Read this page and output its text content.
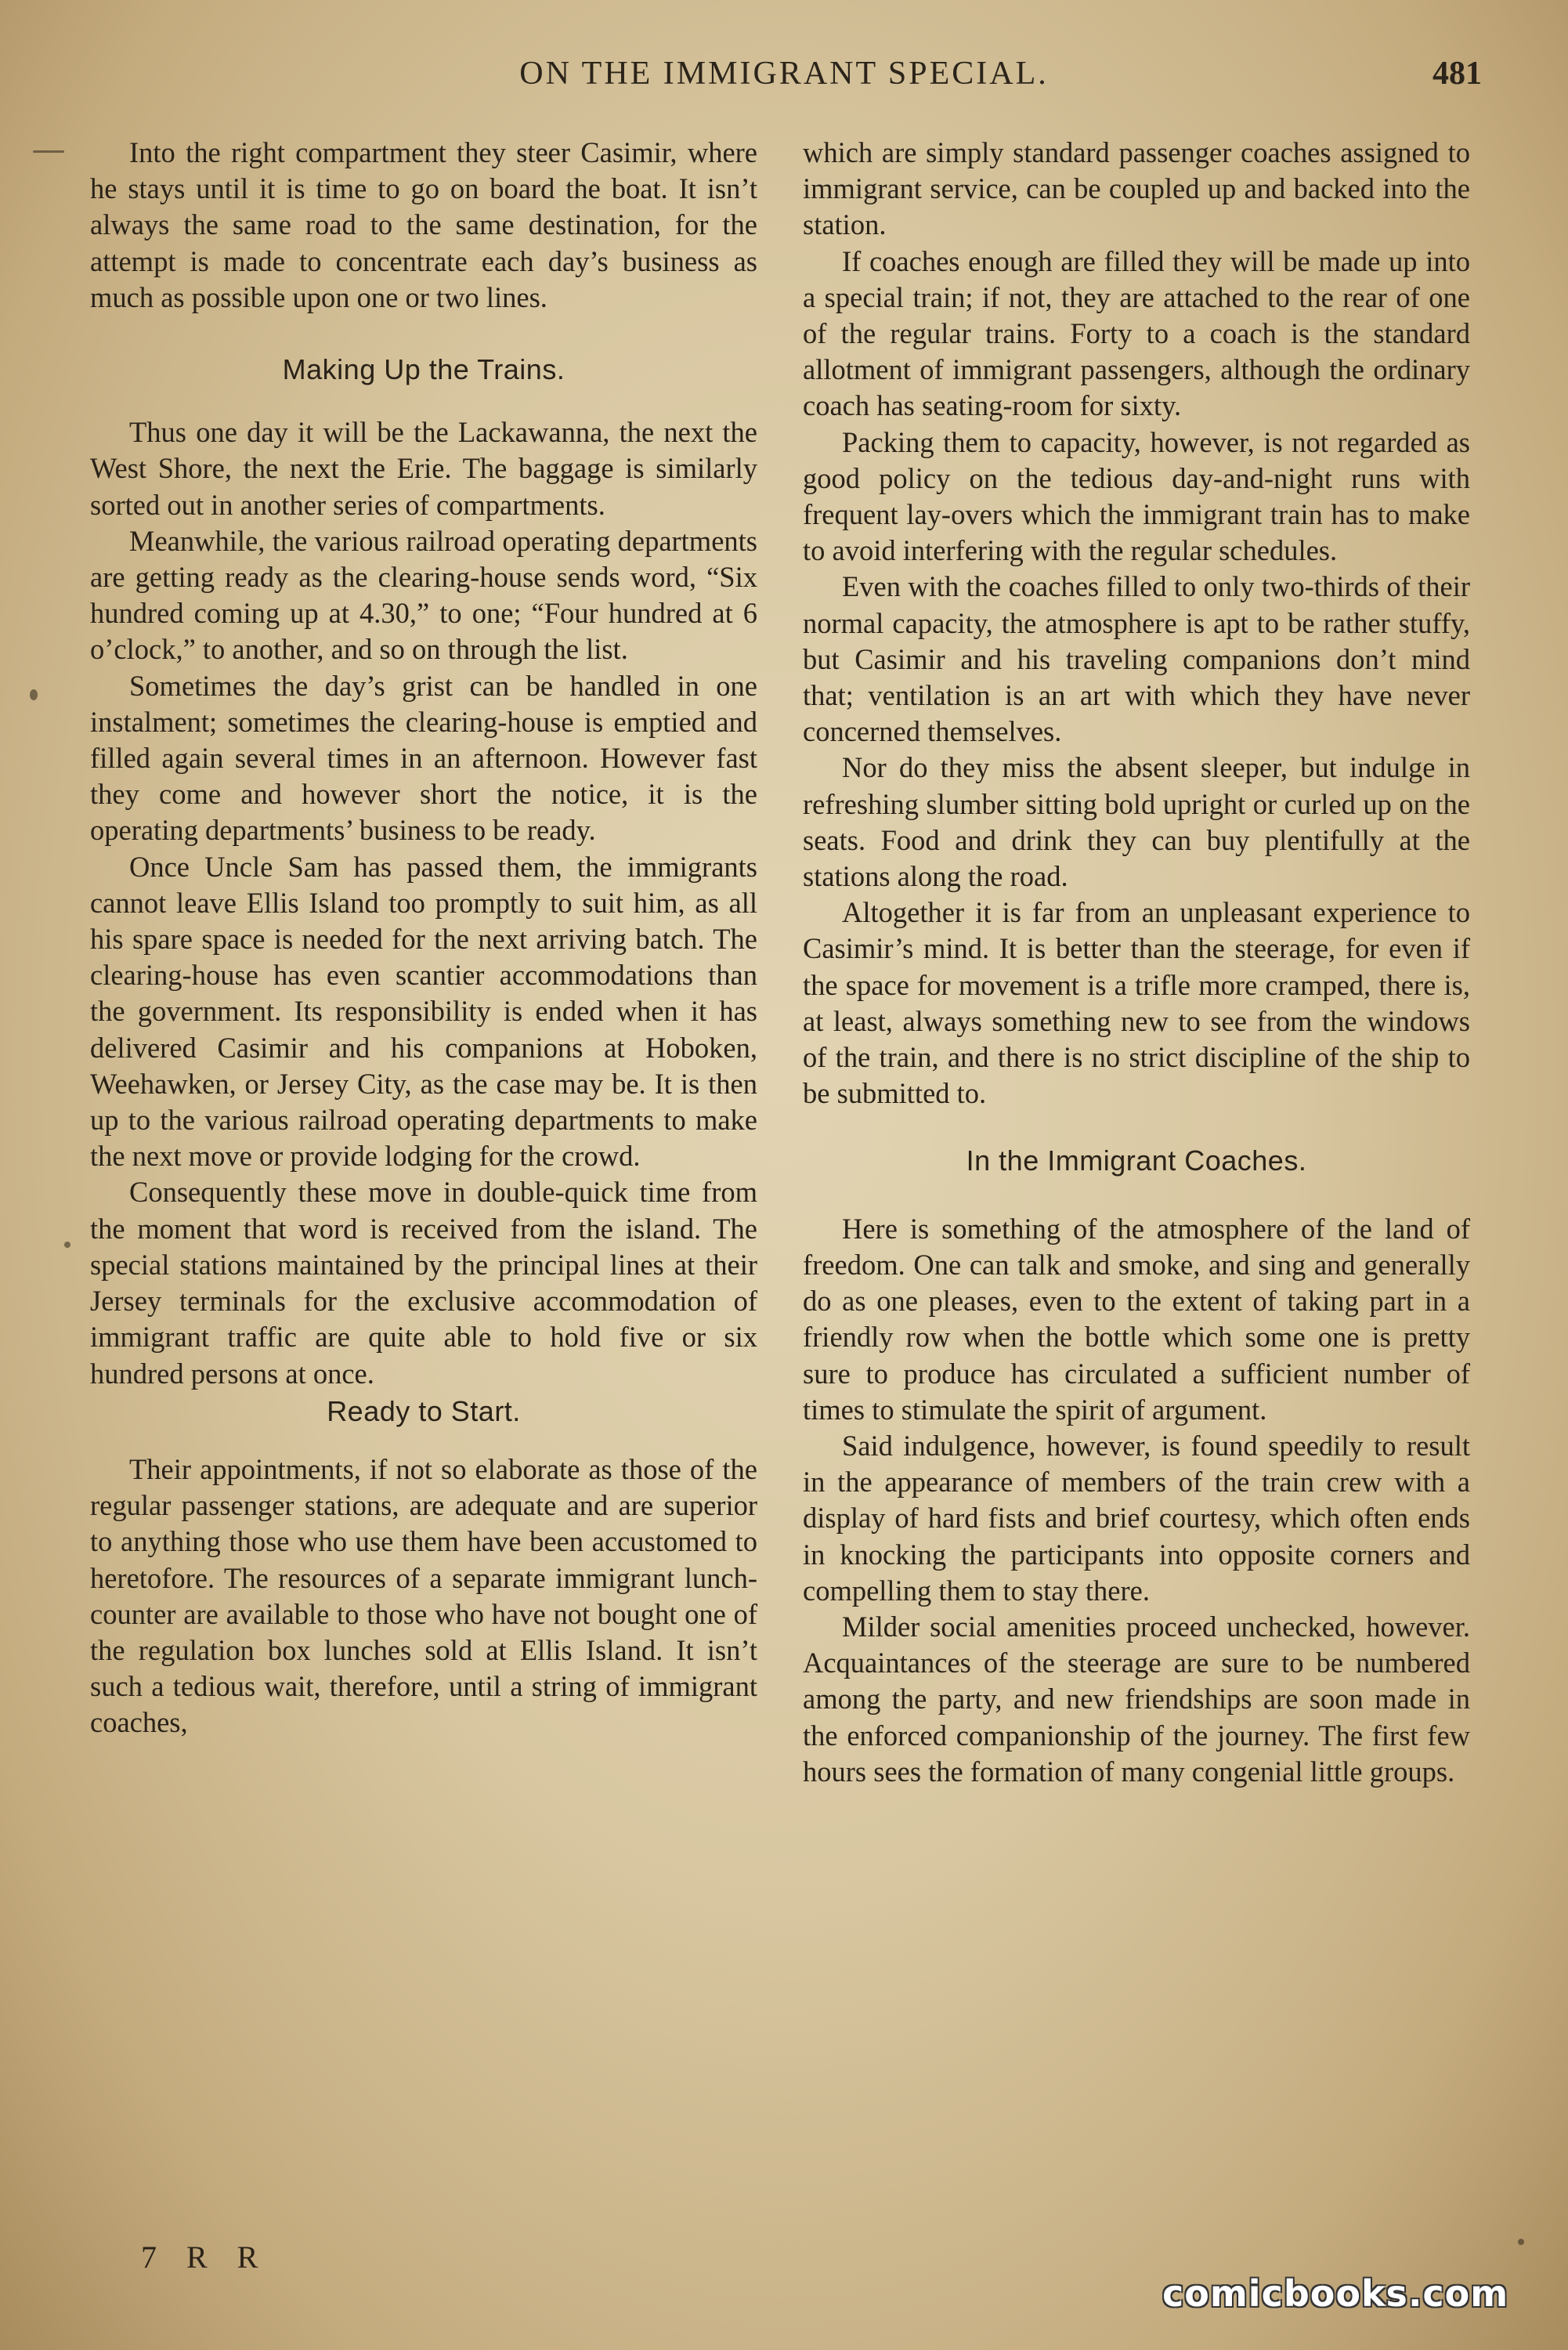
ON THE IMMIGRANT SPECIAL.	481

Into the right compartment they steer Casimir, where he stays until it is time to go on board the boat. It isn’t always the same road to the same destination, for the attempt is made to concentrate each day’s business as much as possible upon one or two lines.

Making Up the Trains.

Thus one day it will be the Lackawanna, the next the West Shore, the next the Erie. The baggage is similarly sorted out in another series of compartments.

Meanwhile, the various railroad operating departments are getting ready as the clearing-house sends word, “Six hundred coming up at 4.30,” to one; “Four hundred at 6 o’clock,” to another, and so on through the list.

Sometimes the day’s grist can be handled in one instalment; sometimes the clearing-house is emptied and filled again several times in an afternoon. However fast they come and however short the notice, it is the operating departments’ business to be ready.

Once Uncle Sam has passed them, the immigrants cannot leave Ellis Island too promptly to suit him, as all his spare space is needed for the next arriving batch. The clearing-house has even scantier accommodations than the government. Its responsibility is ended when it has delivered Casimir and his companions at Hoboken, Weehawken, or Jersey City, as the case may be. It is then up to the various railroad operating departments to make the next move or provide lodging for the crowd.

Consequently these move in double-quick time from the moment that word is received from the island. The special stations maintained by the principal lines at their Jersey terminals for the exclusive accommodation of immigrant traffic are quite able to hold five or six hundred persons at once.

Ready to Start.

Their appointments, if not so elaborate as those of the regular passenger stations, are adequate and are superior to anything those who use them have been accustomed to heretofore. The resources of a separate immigrant lunch-counter are available to those who have not bought one of the regulation box lunches sold at Ellis Island. It isn’t such a tedious wait, therefore, until a string of immigrant coaches,

which are simply standard passenger coaches assigned to immigrant service, can be coupled up and backed into the station.

If coaches enough are filled they will be made up into a special train; if not, they are attached to the rear of one of the regular trains. Forty to a coach is the standard allotment of immigrant passengers, although the ordinary coach has seating-room for sixty.

Packing them to capacity, however, is not regarded as good policy on the tedious day-and-night runs with frequent lay-overs which the immigrant train has to make to avoid interfering with the regular schedules.

Even with the coaches filled to only two-thirds of their normal capacity, the atmosphere is apt to be rather stuffy, but Casimir and his traveling companions don’t mind that; ventilation is an art with which they have never concerned themselves.

Nor do they miss the absent sleeper, but indulge in refreshing slumber sitting bold upright or curled up on the seats. Food and drink they can buy plentifully at the stations along the road.

Altogether it is far from an unpleasant experience to Casimir’s mind. It is better than the steerage, for even if the space for movement is a trifle more cramped, there is, at least, always something new to see from the windows of the train, and there is no strict discipline of the ship to be submitted to.

In the Immigrant Coaches.

Here is something of the atmosphere of the land of freedom. One can talk and smoke, and sing and generally do as one pleases, even to the extent of taking part in a friendly row when the bottle which some one is pretty sure to produce has circulated a sufficient number of times to stimulate the spirit of argument.

Said indulgence, however, is found speedily to result in the appearance of members of the train crew with a display of hard fists and brief courtesy, which often ends in knocking the participants into opposite corners and compelling them to stay there.

Milder social amenities proceed unchecked, however. Acquaintances of the steerage are sure to be numbered among the party, and new friendships are soon made in the enforced companionship of the journey. The first few hours sees the formation of many congenial little groups.

7 R R
comicbooks.com
